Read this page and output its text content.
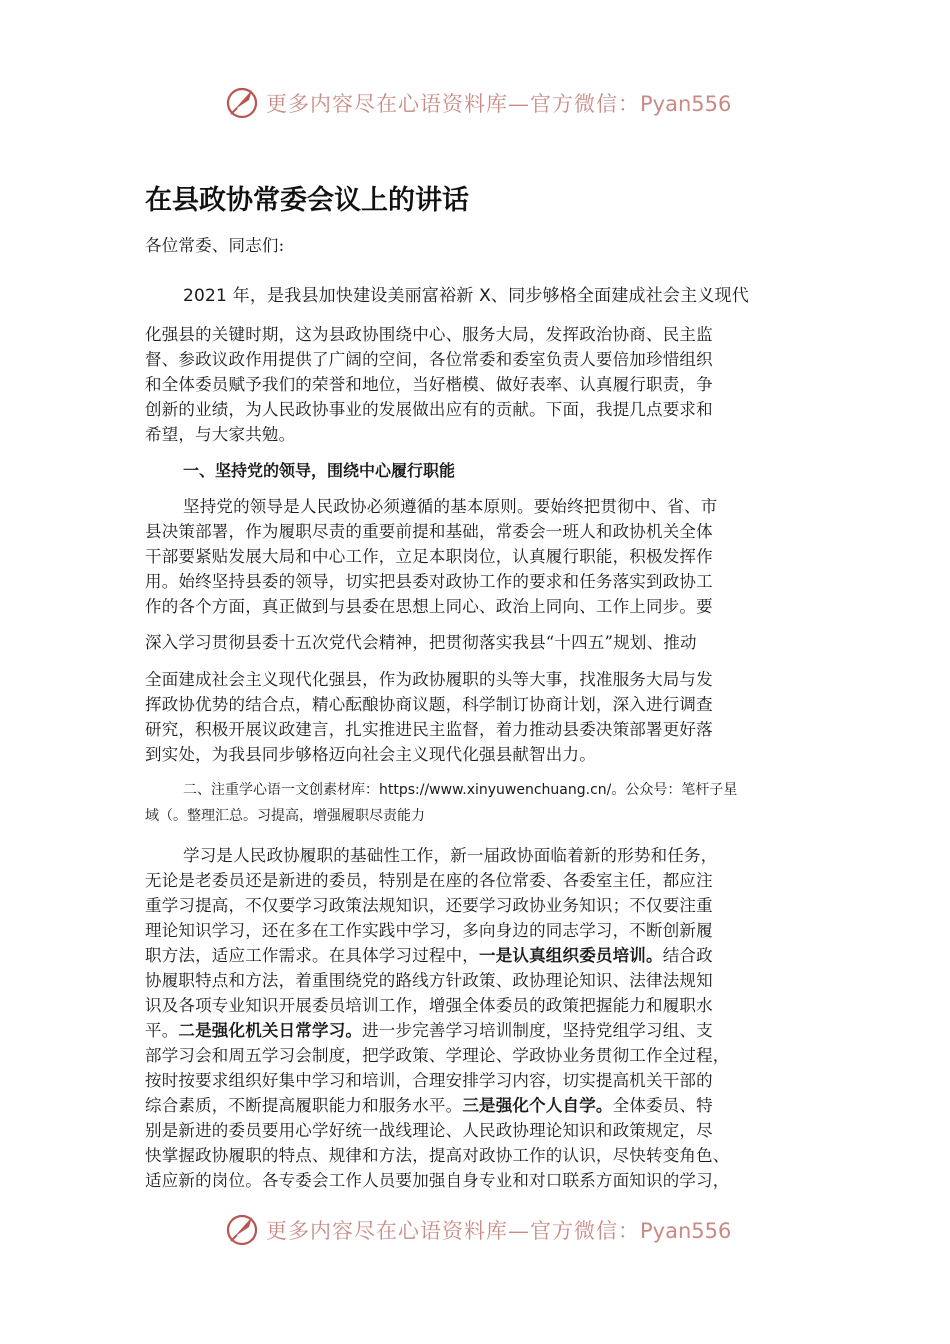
更多内容尽在心语资料库—官方微信：Pyan556
在县政协常委会议上的讲话
各位常委、同志们:
2021 年，是我县加快建设美丽富裕新 X、同步够格全面建成社会主义现代
化强县的关键时期，这为县政协围绕中心、服务大局，发挥政治协商、民主监
督、参政议政作用提供了广阔的空间，各位常委和委室负责人要倍加珍惜组织
和全体委员赋予我们的荣誉和地位，当好楷模、做好表率、认真履行职责，争
创新的业绩，为人民政协事业的发展做出应有的贡献。下面，我提几点要求和
希望，与大家共勉。
一、坚持党的领导，围绕中心履行职能
坚持党的领导是人民政协必须遵循的基本原则。要始终把贯彻中、省、市
县决策部署，作为履职尽责的重要前提和基础，常委会一班人和政协机关全体
干部要紧贴发展大局和中心工作，立足本职岗位，认真履行职能，积极发挥作
用。始终坚持县委的领导，切实把县委对政协工作的要求和任务落实到政协工
作的各个方面，真正做到与县委在思想上同心、政治上同向、工作上同步。要
深入学习贯彻县委十五次党代会精神，把贯彻落实我县“十四五”规划、推动
全面建成社会主义现代化强县，作为政协履职的头等大事，找准服务大局与发
挥政协优势的结合点，精心酝酿协商议题，科学制订协商计划，深入进行调查
研究，积极开展议政建言，扎实推进民主监督，着力推动县委决策部署更好落
到实处，为我县同步够格迈向社会主义现代化强县献智出力。
二、注重学心语一文创素材库：https://www.xinyuwenchuang.cn/。公众号：笔杆子星
域（。整理汇总。习提高，增强履职尽责能力
学习是人民政协履职的基础性工作，新一届政协面临着新的形势和任务，
无论是老委员还是新进的委员，特别是在座的各位常委、各委室主任，都应注
重学习提高，不仅要学习政策法规知识，还要学习政协业务知识；不仅要注重
理论知识学习，还在多在工作实践中学习，多向身边的同志学习，不断创新履
职方法，适应工作需求。在具体学习过程中，一是认真组织委员培训。结合政
协履职特点和方法，着重围绕党的路线方针政策、政协理论知识、法律法规知
识及各项专业知识开展委员培训工作，增强全体委员的政策把握能力和履职水
平。二是强化机关日常学习。进一步完善学习培训制度，坚持党组学习组、支
部学习会和周五学习会制度，把学政策、学理论、学政协业务贯彻工作全过程，
按时按要求组织好集中学习和培训，合理安排学习内容，切实提高机关干部的
综合素质，不断提高履职能力和服务水平。三是强化个人自学。全体委员、特
别是新进的委员要用心学好统一战线理论、人民政协理论知识和政策规定，尽
快掌握政协履职的特点、规律和方法，提高对政协工作的认识，尽快转变角色、
适应新的岗位。各专委会工作人员要加强自身专业和对口联系方面知识的学习，
更多内容尽在心语资料库—官方微信：Pyan556
